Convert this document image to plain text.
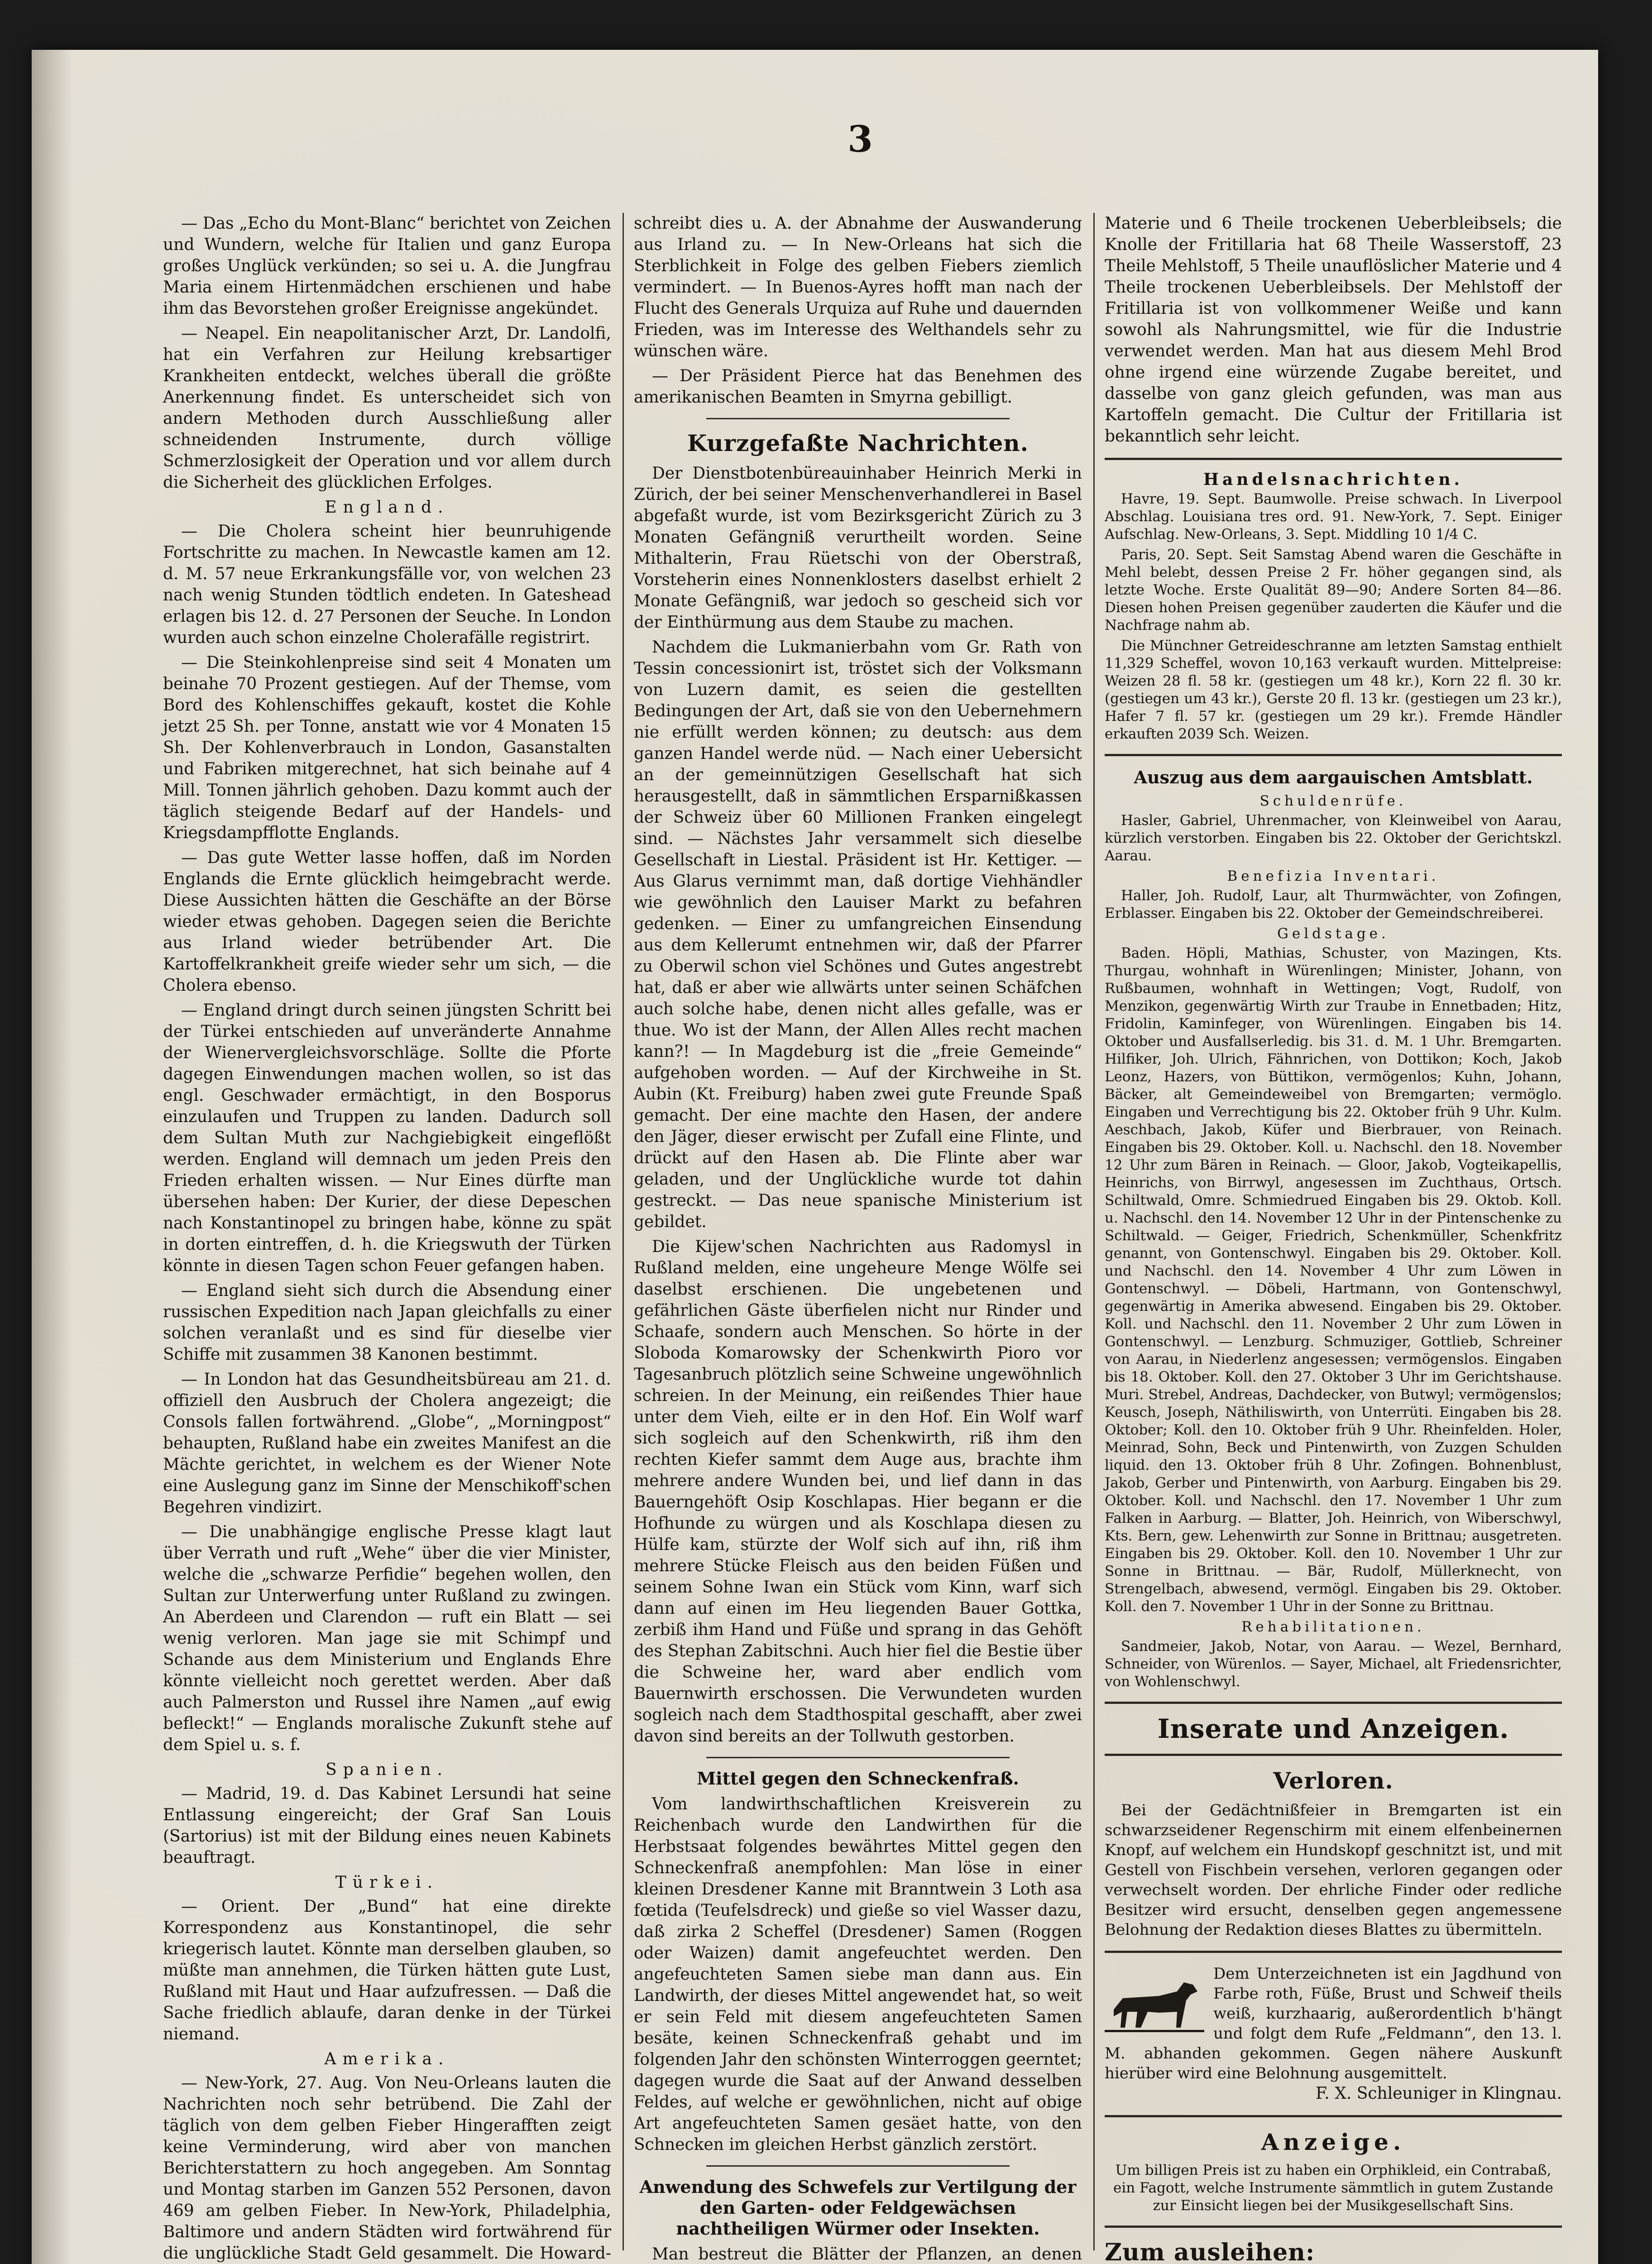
3

— Das „Echo du Mont-Blanc“ berichtet von Zeichen und Wundern, welche für Italien und ganz Europa großes Unglück verkünden; so sei u. A. die Jungfrau Maria einem Hirtenmädchen erschienen und habe ihm das Bevorstehen großer Ereignisse angekündet.

— Neapel. Ein neapolitanischer Arzt, Dr. Landolfi, hat ein Verfahren zur Heilung krebsartiger Krankheiten entdeckt, welches überall die größte Anerkennung findet. Es unterscheidet sich von andern Methoden durch Ausschließung aller schneidenden Instrumente, durch völlige Schmerzlosigkeit der Operation und vor allem durch die Sicherheit des glücklichen Erfolges.

England.

— Die Cholera scheint hier beunruhigende Fortschritte zu machen. In Newcastle kamen am 12. d. M. 57 neue Erkrankungsfälle vor, von welchen 23 nach wenig Stunden tödtlich endeten. In Gateshead erlagen bis 12. d. 27 Personen der Seuche. In London wurden auch schon einzelne Cholerafälle registrirt.

— Die Steinkohlenpreise sind seit 4 Monaten um beinahe 70 Prozent gestiegen. Auf der Themse, vom Bord des Kohlenschiffes gekauft, kostet die Kohle jetzt 25 Sh. per Tonne, anstatt wie vor 4 Monaten 15 Sh. Der Kohlenverbrauch in London, Gasanstalten und Fabriken mitgerechnet, hat sich beinahe auf 4 Mill. Tonnen jährlich gehoben. Dazu kommt auch der täglich steigende Bedarf auf der Handels- und Kriegsdampfflotte Englands.

— Das gute Wetter lasse hoffen, daß im Norden Englands die Ernte glücklich heimgebracht werde. Diese Aussichten hätten die Geschäfte an der Börse wieder etwas gehoben. Dagegen seien die Berichte aus Irland wieder betrübender Art. Die Kartoffelkrankheit greife wieder sehr um sich, — die Cholera ebenso.

— England dringt durch seinen jüngsten Schritt bei der Türkei entschieden auf unveränderte Annahme der Wienervergleichsvorschläge. Sollte die Pforte dagegen Einwendungen machen wollen, so ist das engl. Geschwader ermächtigt, in den Bosporus einzulaufen und Truppen zu landen. Dadurch soll dem Sultan Muth zur Nachgiebigkeit eingeflößt werden. England will demnach um jeden Preis den Frieden erhalten wissen. — Nur Eines dürfte man übersehen haben: Der Kurier, der diese Depeschen nach Konstantinopel zu bringen habe, könne zu spät in dorten eintreffen, d. h. die Kriegswuth der Türken könnte in diesen Tagen schon Feuer gefangen haben.

— England sieht sich durch die Absendung einer russischen Expedition nach Japan gleichfalls zu einer solchen veranlaßt und es sind für dieselbe vier Schiffe mit zusammen 38 Kanonen bestimmt.

— In London hat das Gesundheitsbüreau am 21. d. offiziell den Ausbruch der Cholera angezeigt; die Consols fallen fortwährend. „Globe“, „Morningpost“ behaupten, Rußland habe ein zweites Manifest an die Mächte gerichtet, in welchem es der Wiener Note eine Auslegung ganz im Sinne der Menschikoff'schen Begehren vindizirt.

— Die unabhängige englische Presse klagt laut über Verrath und ruft „Wehe“ über die vier Minister, welche die „schwarze Perfidie“ begehen wollen, den Sultan zur Unterwerfung unter Rußland zu zwingen. An Aberdeen und Clarendon — ruft ein Blatt — sei wenig verloren. Man jage sie mit Schimpf und Schande aus dem Ministerium und Englands Ehre könnte vielleicht noch gerettet werden. Aber daß auch Palmerston und Russel ihre Namen „auf ewig befleckt!“ — Englands moralische Zukunft stehe auf dem Spiel u. s. f.

Spanien.

— Madrid, 19. d. Das Kabinet Lersundi hat seine Entlassung eingereicht; der Graf San Louis (Sartorius) ist mit der Bildung eines neuen Kabinets beauftragt.

Türkei.

— Orient. Der „Bund“ hat eine direkte Korrespondenz aus Konstantinopel, die sehr kriegerisch lautet. Könnte man derselben glauben, so müßte man annehmen, die Türken hätten gute Lust, Rußland mit Haut und Haar aufzufressen. — Daß die Sache friedlich ablaufe, daran denke in der Türkei niemand.

Amerika.

— New-York, 27. Aug. Von Neu-Orleans lauten die Nachrichten noch sehr betrübend. Die Zahl der täglich von dem gelben Fieber Hingerafften zeigt keine Verminderung, wird aber von manchen Berichterstattern zu hoch angegeben. Am Sonntag und Montag starben im Ganzen 552 Personen, davon 469 am gelben Fieber. In New-York, Philadelphia, Baltimore und andern Städten wird fortwährend für die unglückliche Stadt Geld gesammelt. Die Howard-

schreibt dies u. A. der Abnahme der Auswanderung aus Irland zu. — In New-Orleans hat sich die Sterblichkeit in Folge des gelben Fiebers ziemlich vermindert. — In Buenos-Ayres hofft man nach der Flucht des Generals Urquiza auf Ruhe und dauernden Frieden, was im Interesse des Welthandels sehr zu wünschen wäre.

— Der Präsident Pierce hat das Benehmen des amerikanischen Beamten in Smyrna gebilligt.

Kurzgefaßte Nachrichten.

Der Dienstbotenbüreauinhaber Heinrich Merki in Zürich, der bei seiner Menschenverhandlerei in Basel abgefaßt wurde, ist vom Bezirksgericht Zürich zu 3 Monaten Gefängniß verurtheilt worden. Seine Mithalterin, Frau Rüetschi von der Oberstraß, Vorsteherin eines Nonnenklosters daselbst erhielt 2 Monate Gefängniß, war jedoch so gescheid sich vor der Einthürmung aus dem Staube zu machen.

Nachdem die Lukmanierbahn vom Gr. Rath von Tessin concessionirt ist, tröstet sich der Volksmann von Luzern damit, es seien die gestellten Bedingungen der Art, daß sie von den Uebernehmern nie erfüllt werden können; zu deutsch: aus dem ganzen Handel werde nüd. — Nach einer Uebersicht an der gemeinnützigen Gesellschaft hat sich herausgestellt, daß in sämmtlichen Ersparnißkassen der Schweiz über 60 Millionen Franken eingelegt sind. — Nächstes Jahr versammelt sich dieselbe Gesellschaft in Liestal. Präsident ist Hr. Kettiger. — Aus Glarus vernimmt man, daß dortige Viehhändler wie gewöhnlich den Lauiser Markt zu befahren gedenken. — Einer zu umfangreichen Einsendung aus dem Kellerumt entnehmen wir, daß der Pfarrer zu Oberwil schon viel Schönes und Gutes angestrebt hat, daß er aber wie allwärts unter seinen Schäfchen auch solche habe, denen nicht alles gefalle, was er thue. Wo ist der Mann, der Allen Alles recht machen kann?! — In Magdeburg ist die „freie Gemeinde“ aufgehoben worden. — Auf der Kirchweihe in St. Aubin (Kt. Freiburg) haben zwei gute Freunde Spaß gemacht. Der eine machte den Hasen, der andere den Jäger, dieser erwischt per Zufall eine Flinte, und drückt auf den Hasen ab. Die Flinte aber war geladen, und der Unglückliche wurde tot dahin gestreckt. — Das neue spanische Ministerium ist gebildet.

Die Kijew'schen Nachrichten aus Radomysl in Rußland melden, eine ungeheure Menge Wölfe sei daselbst erschienen. Die ungebetenen und gefährlichen Gäste überfielen nicht nur Rinder und Schaafe, sondern auch Menschen. So hörte in der Sloboda Komarowsky der Schenkwirth Pioro vor Tagesanbruch plötzlich seine Schweine ungewöhnlich schreien. In der Meinung, ein reißendes Thier haue unter dem Vieh, eilte er in den Hof. Ein Wolf warf sich sogleich auf den Schenkwirth, riß ihm den rechten Kiefer sammt dem Auge aus, brachte ihm mehrere andere Wunden bei, und lief dann in das Bauerngehöft Osip Koschlapas. Hier begann er die Hofhunde zu würgen und als Koschlapa diesen zu Hülfe kam, stürzte der Wolf sich auf ihn, riß ihm mehrere Stücke Fleisch aus den beiden Füßen und seinem Sohne Iwan ein Stück vom Kinn, warf sich dann auf einen im Heu liegenden Bauer Gottka, zerbiß ihm Hand und Füße und sprang in das Gehöft des Stephan Zabitschni. Auch hier fiel die Bestie über die Schweine her, ward aber endlich vom Bauernwirth erschossen. Die Verwundeten wurden sogleich nach dem Stadthospital geschafft, aber zwei davon sind bereits an der Tollwuth gestorben.

Mittel gegen den Schneckenfraß.

Vom landwirthschaftlichen Kreisverein zu Reichenbach wurde den Landwirthen für die Herbstsaat folgendes bewährtes Mittel gegen den Schneckenfraß anempfohlen: Man löse in einer kleinen Dresdener Kanne mit Branntwein 3 Loth asa fœtida (Teufelsdreck) und gieße so viel Wasser dazu, daß zirka 2 Scheffel (Dresdener) Samen (Roggen oder Waizen) damit angefeuchtet werden. Den angefeuchteten Samen siebe man dann aus. Ein Landwirth, der dieses Mittel angewendet hat, so weit er sein Feld mit diesem angefeuchteten Samen besäte, keinen Schneckenfraß gehabt und im folgenden Jahr den schönsten Winterroggen geerntet; dagegen wurde die Saat auf der Anwand desselben Feldes, auf welche er gewöhnlichen, nicht auf obige Art angefeuchteten Samen gesäet hatte, von den Schnecken im gleichen Herbst gänzlich zerstört.

Anwendung des Schwefels zur Vertilgung der den Garten- oder Feldgewächsen nachtheiligen Würmer oder Insekten.

Man bestreut die Blätter der Pflanzen, an denen

Materie und 6 Theile trockenen Ueberbleibsels; die Knolle der Fritillaria hat 68 Theile Wasserstoff, 23 Theile Mehlstoff, 5 Theile unauflöslicher Materie und 4 Theile trockenen Ueberbleibsels. Der Mehlstoff der Fritillaria ist von vollkommener Weiße und kann sowohl als Nahrungsmittel, wie für die Industrie verwendet werden. Man hat aus diesem Mehl Brod ohne irgend eine würzende Zugabe bereitet, und dasselbe von ganz gleich gefunden, was man aus Kartoffeln gemacht. Die Cultur der Fritillaria ist bekanntlich sehr leicht.

Handelsnachrichten.

Havre, 19. Sept. Baumwolle. Preise schwach. In Liverpool Abschlag. Louisiana tres ord. 91. New-York, 7. Sept. Einiger Aufschlag. New-Orleans, 3. Sept. Middling 10 1/4 C.

Paris, 20. Sept. Seit Samstag Abend waren die Geschäfte in Mehl belebt, dessen Preise 2 Fr. höher gegangen sind, als letzte Woche. Erste Qualität 89—90; Andere Sorten 84—86. Diesen hohen Preisen gegenüber zauderten die Käufer und die Nachfrage nahm ab.

Die Münchner Getreideschranne am letzten Samstag enthielt 11,329 Scheffel, wovon 10,163 verkauft wurden. Mittelpreise: Weizen 28 fl. 58 kr. (gestiegen um 48 kr.), Korn 22 fl. 30 kr. (gestiegen um 43 kr.), Gerste 20 fl. 13 kr. (gestiegen um 23 kr.), Hafer 7 fl. 57 kr. (gestiegen um 29 kr.). Fremde Händler erkauften 2039 Sch. Weizen.

Auszug aus dem aargauischen Amtsblatt.

Schuldenrüfe.

Hasler, Gabriel, Uhrenmacher, von Kleinweibel von Aarau, kürzlich verstorben. Eingaben bis 22. Oktober der Gerichtskzl. Aarau.

Benefizia Inventari.

Haller, Joh. Rudolf, Laur, alt Thurmwächter, von Zofingen, Erblasser. Eingaben bis 22. Oktober der Gemeindschreiberei.

Geldstage.

Baden. Höpli, Mathias, Schuster, von Mazingen, Kts. Thurgau, wohnhaft in Würenlingen; Minister, Johann, von Rußbaumen, wohnhaft in Wettingen; Vogt, Rudolf, von Menzikon, gegenwärtig Wirth zur Traube in Ennetbaden; Hitz, Fridolin, Kaminfeger, von Würenlingen. Eingaben bis 14. Oktober und Ausfallserledig. bis 31. d. M. 1 Uhr. Bremgarten. Hilfiker, Joh. Ulrich, Fähnrichen, von Dottikon; Koch, Jakob Leonz, Hazers, von Büttikon, vermögenlos; Kuhn, Johann, Bäcker, alt Gemeindeweibel von Bremgarten; vermöglo. Eingaben und Verrechtigung bis 22. Oktober früh 9 Uhr. Kulm. Aeschbach, Jakob, Küfer und Bierbrauer, von Reinach. Eingaben bis 29. Oktober. Koll. u. Nachschl. den 18. November 12 Uhr zum Bären in Reinach. — Gloor, Jakob, Vogteikapellis, Heinrichs, von Birrwyl, angesessen im Zuchthaus, Ortsch. Schiltwald, Omre. Schmiedrued Eingaben bis 29. Oktob. Koll. u. Nachschl. den 14. November 12 Uhr in der Pintenschenke zu Schiltwald. — Geiger, Friedrich, Schenkmüller, Schenkfritz genannt, von Gontenschwyl. Eingaben bis 29. Oktober. Koll. und Nachschl. den 14. November 4 Uhr zum Löwen in Gontenschwyl. — Döbeli, Hartmann, von Gontenschwyl, gegenwärtig in Amerika abwesend. Eingaben bis 29. Oktober. Koll. und Nachschl. den 11. November 2 Uhr zum Löwen in Gontenschwyl. — Lenzburg. Schmuziger, Gottlieb, Schreiner von Aarau, in Niederlenz angesessen; vermögenslos. Eingaben bis 18. Oktober. Koll. den 27. Oktober 3 Uhr im Gerichtshause. Muri. Strebel, Andreas, Dachdecker, von Butwyl; vermögenslos; Keusch, Joseph, Näthiliswirth, von Unterrüti. Eingaben bis 28. Oktober; Koll. den 10. Oktober früh 9 Uhr. Rheinfelden. Holer, Meinrad, Sohn, Beck und Pintenwirth, von Zuzgen Schulden liquid. den 13. Oktober früh 8 Uhr. Zofingen. Bohnenblust, Jakob, Gerber und Pintenwirth, von Aarburg. Eingaben bis 29. Oktober. Koll. und Nachschl. den 17. November 1 Uhr zum Falken in Aarburg. — Blatter, Joh. Heinrich, von Wiberschwyl, Kts. Bern, gew. Lehenwirth zur Sonne in Brittnau; ausgetreten. Eingaben bis 29. Oktober. Koll. den 10. November 1 Uhr zur Sonne in Brittnau. — Bär, Rudolf, Müllerknecht, von Strengelbach, abwesend, vermögl. Eingaben bis 29. Oktober. Koll. den 7. November 1 Uhr in der Sonne zu Brittnau.

Rehabilitationen.

Sandmeier, Jakob, Notar, von Aarau. — Wezel, Bernhard, Schneider, von Würenlos. — Sayer, Michael, alt Friedensrichter, von Wohlenschwyl.

Inserate und Anzeigen.

Verloren.

Bei der Gedächtnißfeier in Bremgarten ist ein schwarzseidener Regenschirm mit einem elfenbeinernen Knopf, auf welchem ein Hundskopf geschnitzt ist, und mit Gestell von Fischbein versehen, verloren gegangen oder verwechselt worden. Der ehrliche Finder oder redliche Besitzer wird ersucht, denselben gegen angemessene Belohnung der Redaktion dieses Blattes zu übermitteln.

Dem Unterzeichneten ist ein Jagdhund von Farbe roth, Füße, Brust und Schweif theils weiß, kurzhaarig, außerordentlich b'hängt und folgt dem Rufe „Feldmann“, den 13. l. M. abhanden gekommen. Gegen nähere Auskunft hierüber wird eine Belohnung ausgemittelt.

F. X. Schleuniger in Klingnau.

Anzeige.

Um billigen Preis ist zu haben ein Orphikleid, ein Contrabaß, ein Fagott, welche Instrumente sämmtlich in gutem Zustande zur Einsicht liegen bei der Musikgesellschaft Sins.

Zum ausleihen:
